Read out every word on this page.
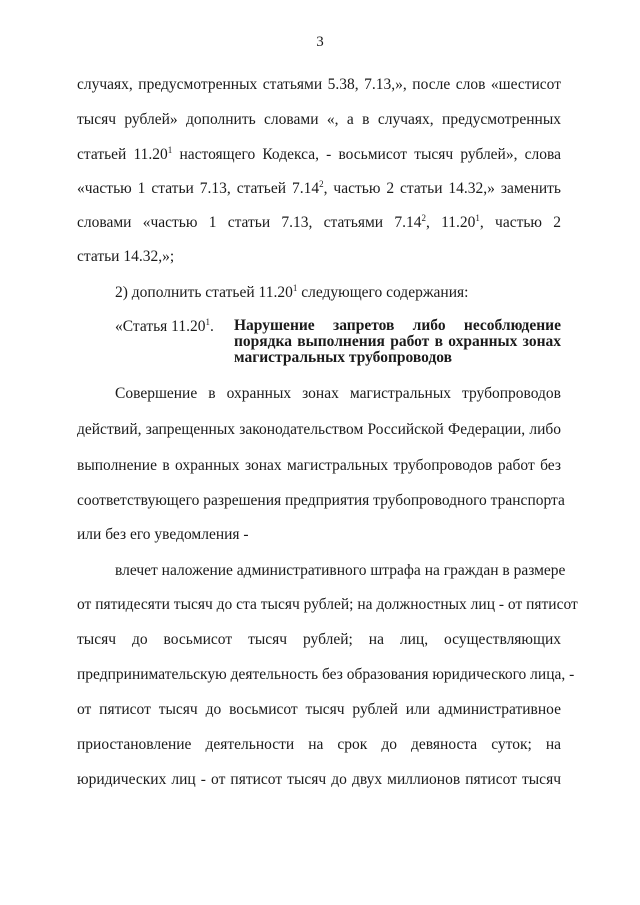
3
случаях, предусмотренных статьями 5.38, 7.13,», после слов «шестисот
тысяч рублей» дополнить словами «, а в случаях, предусмотренных
статьей 11.20$^1$ настоящего Кодекса, - восьмисот тысяч рублей», слова
«частью 1 статьи 7.13, статьей 7.14$^2$, частью 2 статьи 14.32,» заменить
словами «частью 1 статьи 7.13, статьями 7.14$^2$, 11.20$^1$, частью 2
статьи 14.32,»;
2) дополнить статьей 11.20$^1$ следующего содержания:
«Статья 11.20$^1$. Нарушение запретов либо несоблюдение
порядка выполнения работ в охранных зонах
магистральных трубопроводов
Совершение в охранных зонах магистральных трубопроводов
действий, запрещенных законодательством Российской Федерации, либо
выполнение в охранных зонах магистральных трубопроводов работ без
соответствующего разрешения предприятия трубопроводного транспорта
или без его уведомления -
влечет наложение административного штрафа на граждан в размере
от пятидесяти тысяч до ста тысяч рублей; на должностных лиц - от пятисот
тысяч до восьмисот тысяч рублей; на лиц, осуществляющих
предпринимательскую деятельность без образования юридического лица, -
от пятисот тысяч до восьмисот тысяч рублей или административное
приостановление деятельности на срок до девяноста суток; на
юридических лиц - от пятисот тысяч до двух миллионов пятисот тысяч
